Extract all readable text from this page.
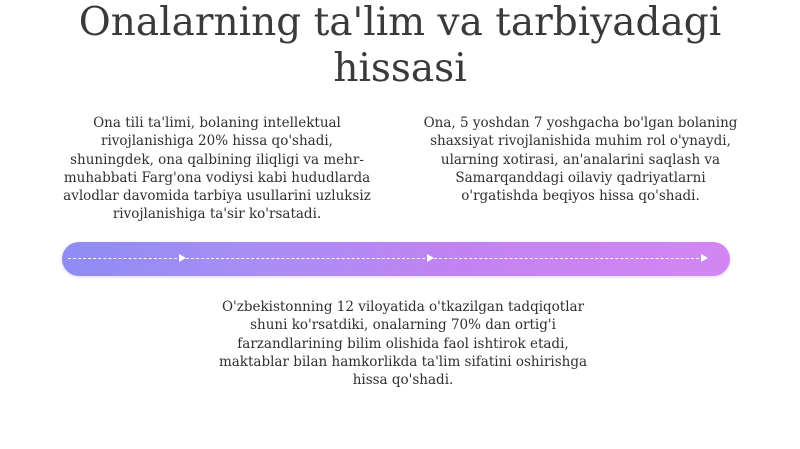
Onalarning ta'lim va tarbiyadagi hissasi

Ona tili ta'limi, bolaning intellektual rivojlanishiga 20% hissa qo'shadi, shuningdek, ona qalbining iliqligi va mehr-muhabbati Farg'ona vodiysi kabi hududlarda avlodlar davomida tarbiya usullarini uzluksiz rivojlanishiga ta'sir ko'rsatadi.

Ona, 5 yoshdan 7 yoshgacha bo'lgan bolaning shaxsiyat rivojlanishida muhim rol o'ynaydi, ularning xotirasi, an'analarini saqlash va Samarqanddagi oilaviy qadriyatlarni o'rgatishda beqiyos hissa qo'shadi.

O'zbekistonning 12 viloyatida o'tkazilgan tadqiqotlar shuni ko'rsatdiki, onalarning 70% dan ortig'i farzandlarining bilim olishida faol ishtirok etadi, maktablar bilan hamkorlikda ta'lim sifatini oshirishga hissa qo'shadi.
